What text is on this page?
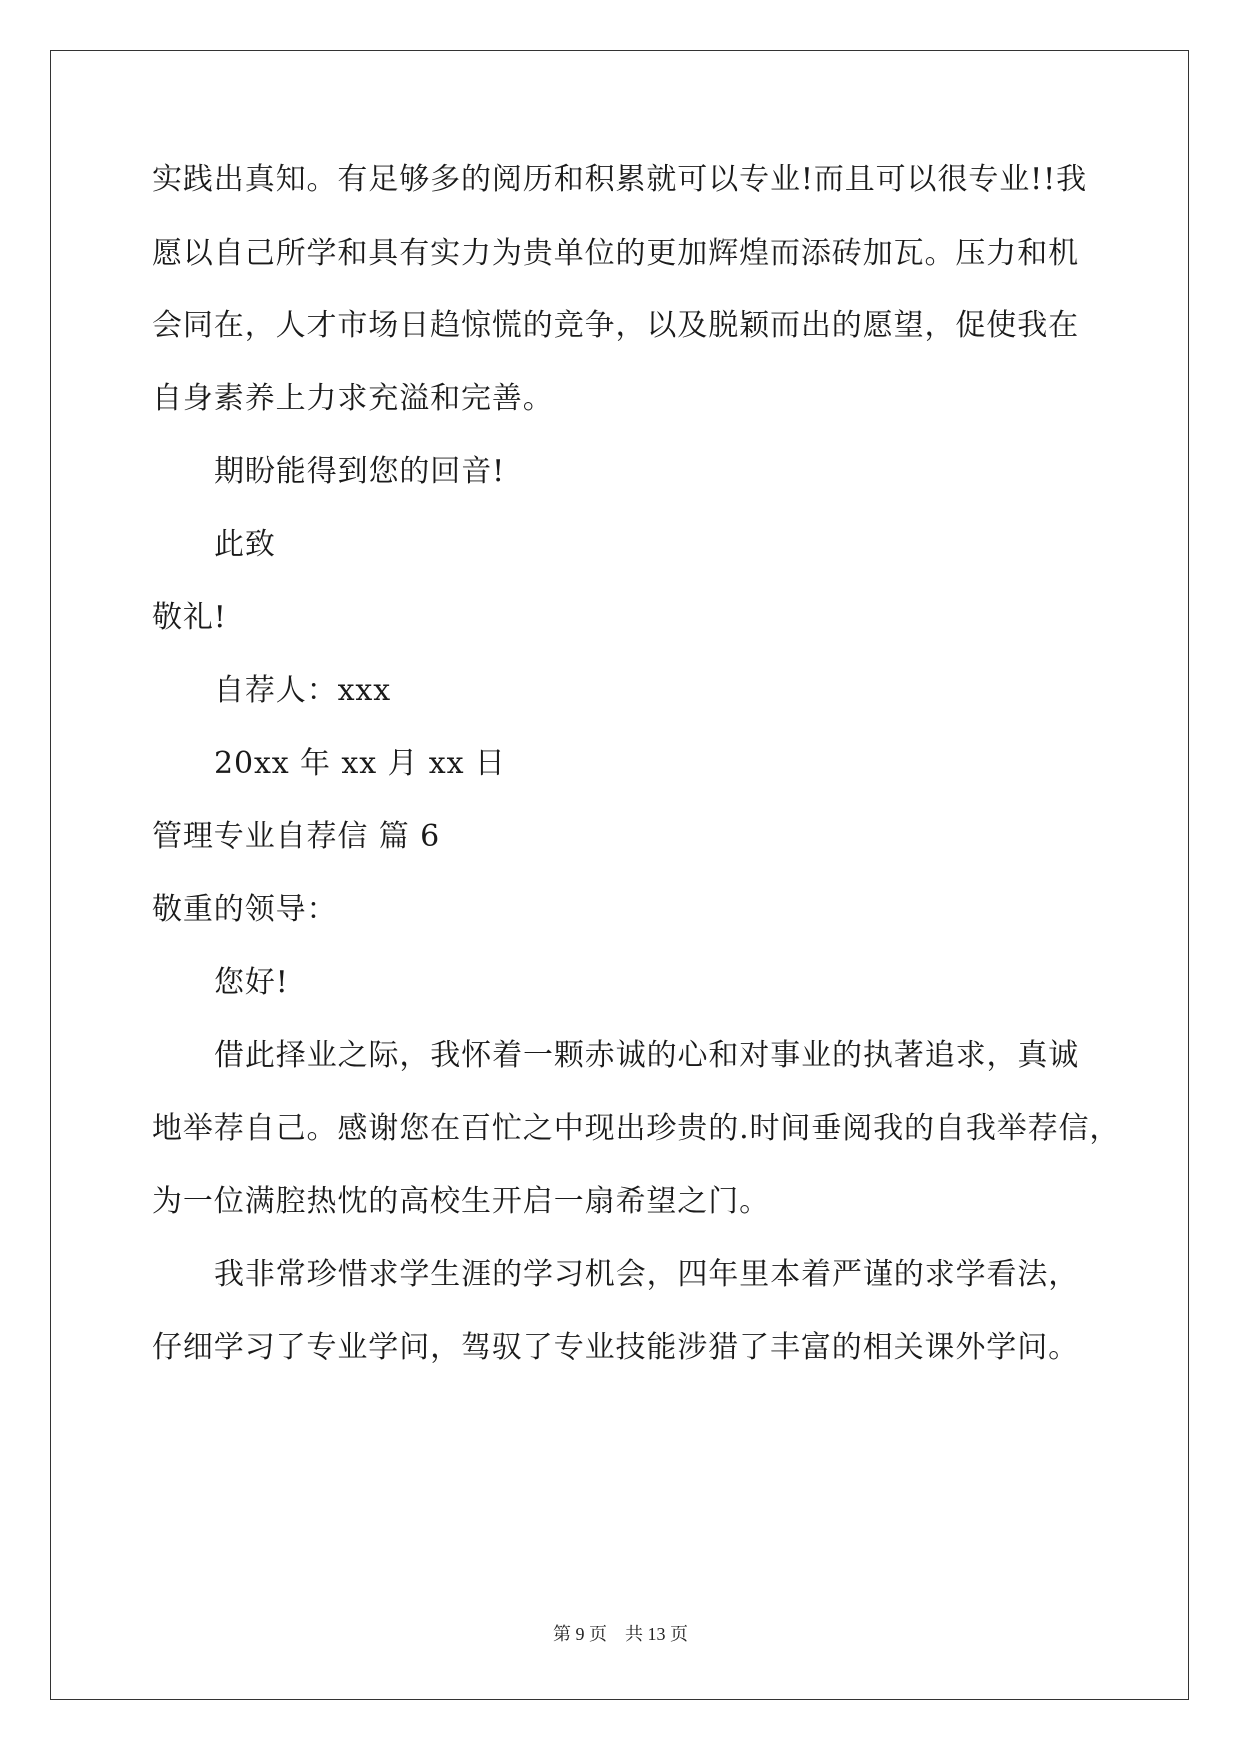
实践出真知。有足够多的阅历和积累就可以专业!而且可以很专业!!我
愿以自己所学和具有实力为贵单位的更加辉煌而添砖加瓦。压力和机
会同在，人才市场日趋惊慌的竞争，以及脱颖而出的愿望，促使我在
自身素养上力求充溢和完善。
期盼能得到您的回音!
此致
敬礼!
自荐人：xxx
20xx 年 xx 月 xx 日
管理专业自荐信 篇 6
敬重的领导：
您好!
借此择业之际，我怀着一颗赤诚的心和对事业的执著追求，真诚
地举荐自己。感谢您在百忙之中现出珍贵的.时间垂阅我的自我举荐信，
为一位满腔热忱的高校生开启一扇希望之门。
我非常珍惜求学生涯的学习机会，四年里本着严谨的求学看法，
仔细学习了专业学问，驾驭了专业技能涉猎了丰富的相关课外学问。
第 9 页　共 13 页
